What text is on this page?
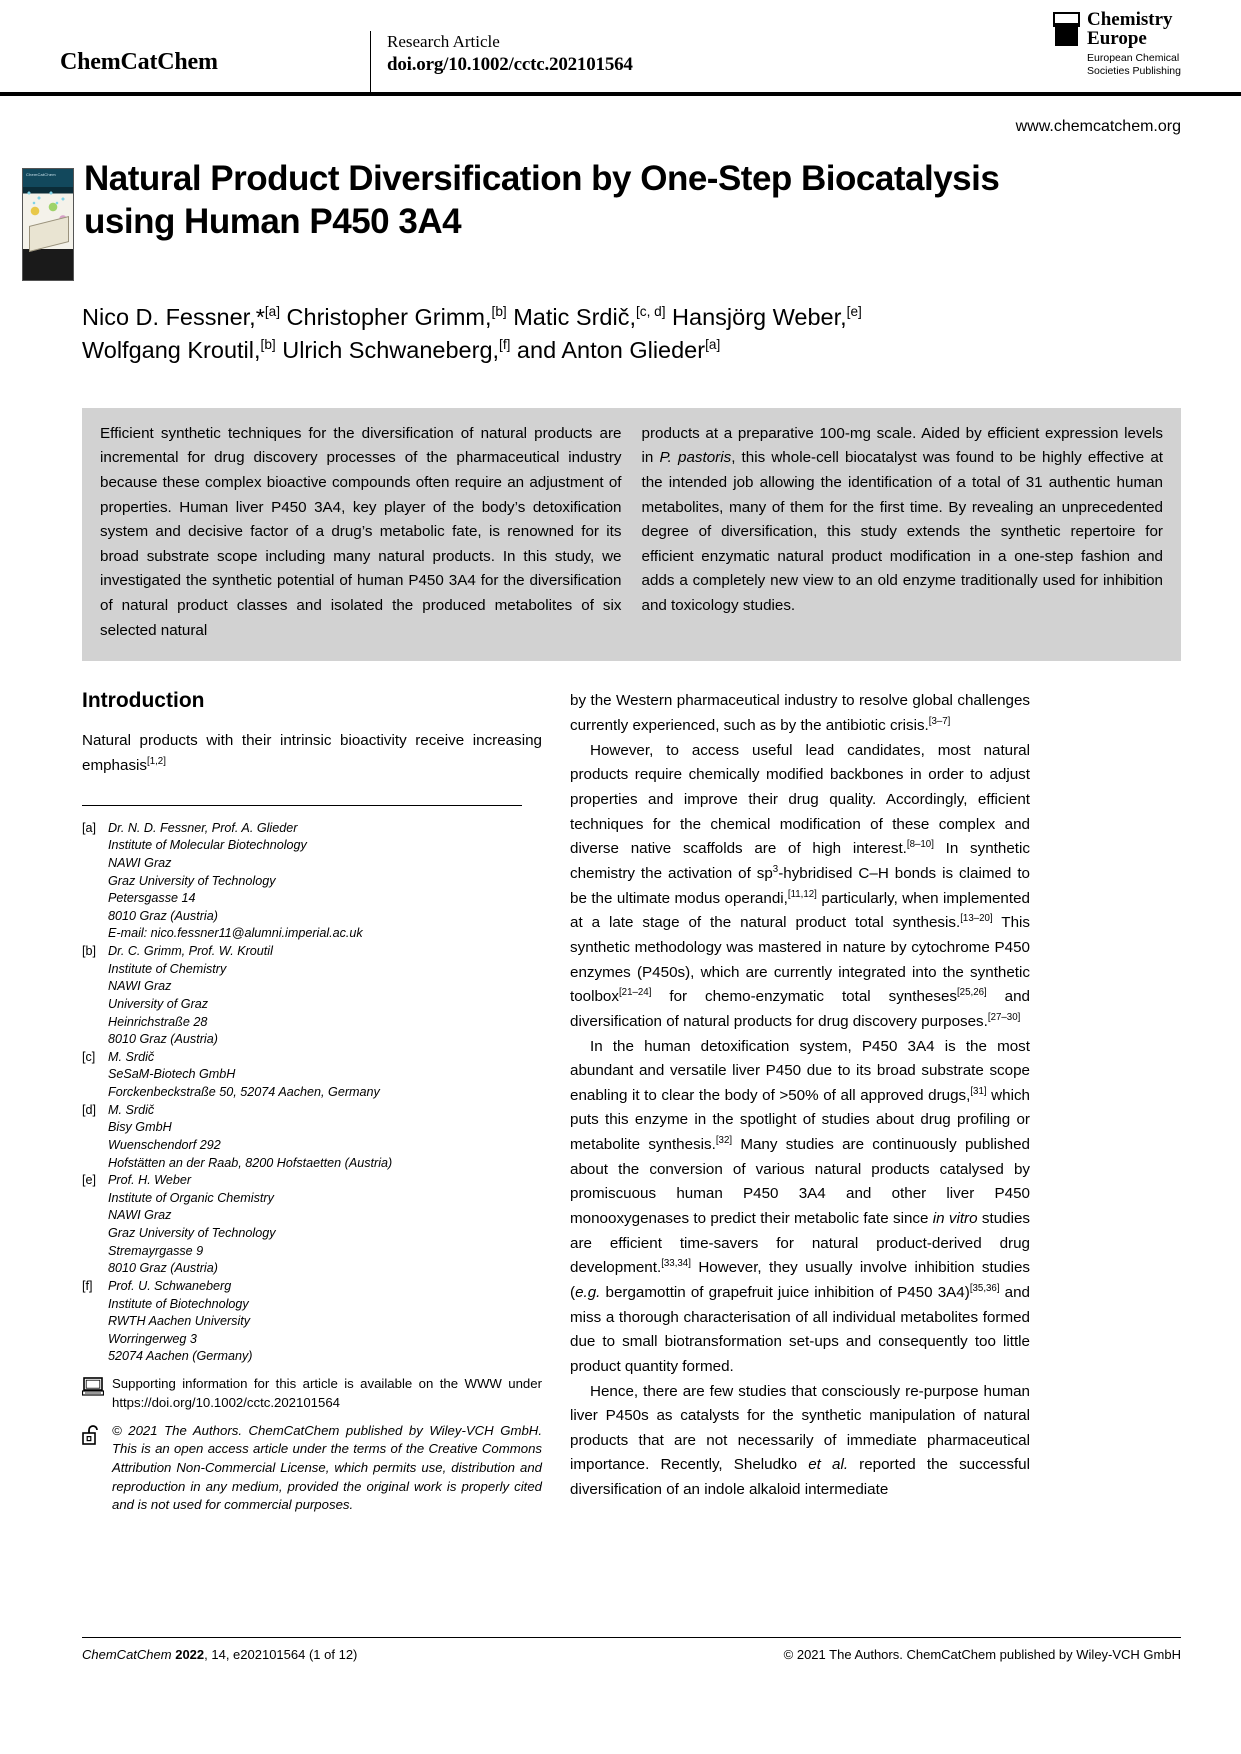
ChemCatChem
Research Article
doi.org/10.1002/cctc.202101564
Chemistry
Europe
European Chemical
Societies Publishing
www.chemcatchem.org
ChemCatChem Natural Product Diversification by One-Step Biocatalysis using Human P450 3A4
Nico D. Fessner,*[a] Christopher Grimm,[b] Matic Srdič,[c, d] Hansjörg Weber,[e]
Wolfgang Kroutil,[b] Ulrich Schwaneberg,[f] and Anton Glieder[a]
Efficient synthetic techniques for the diversification of natural products are incremental for drug discovery processes of the pharmaceutical industry because these complex bioactive compounds often require an adjustment of properties. Human liver P450 3A4, key player of the body’s detoxification system and decisive factor of a drug’s metabolic fate, is renowned for its broad substrate scope including many natural products. In this study, we investigated the synthetic potential of human P450 3A4 for the diversification of natural product classes and isolated the produced metabolites of six selected natural
products at a preparative 100-mg scale. Aided by efficient expression levels in P. pastoris, this whole-cell biocatalyst was found to be highly effective at the intended job allowing the identification of a total of 31 authentic human metabolites, many of them for the first time. By revealing an unprecedented degree of diversification, this study extends the synthetic repertoire for efficient enzymatic natural product modification in a one-step fashion and adds a completely new view to an old enzyme traditionally used for inhibition and toxicology studies.
Introduction

Natural products with their intrinsic bioactivity receive increasing emphasis[1,2]

[a] Dr. N. D. Fessner, Prof. A. Glieder
Institute of Molecular Biotechnology
NAWI Graz
Graz University of Technology
Petersgasse 14
8010 Graz (Austria)
E-mail: nico.fessner11@alumni.imperial.ac.uk
[b] Dr. C. Grimm, Prof. W. Kroutil
Institute of Chemistry
NAWI Graz
University of Graz
Heinrichstraße 28
8010 Graz (Austria)
[c]	M. Srdič
SeSaM-Biotech GmbH
Forckenbeckstraße 50, 52074 Aachen, Germany
[d] M. Srdič
Bisy GmbH
Wuenschendorf 292
Hofstätten an der Raab, 8200 Hofstaetten (Austria)
[e] Prof. H. Weber
Institute of Organic Chemistry
NAWI Graz
Graz University of Technology
Stremayrgasse 9
8010 Graz (Austria)
[f]	Prof. U. Schwaneberg
Institute of Biotechnology
RWTH Aachen University
Worringerweg 3
52074 Aachen (Germany)
Supporting information for this article is available on the WWW under https://doi.org/10.1002/cctc.202101564
© 2021 The Authors. ChemCatChem published by Wiley-VCH GmbH. This is an open access article under the terms of the Creative Commons Attribution Non-Commercial License, which permits use, distribution and reproduction in any medium, provided the original work is properly cited and is not used for commercial purposes.

by the Western pharmaceutical industry to resolve global challenges currently experienced, such as by the antibiotic crisis.[3–7]

However, to access useful lead candidates, most natural products require chemically modified backbones in order to adjust properties and improve their drug quality. Accordingly, efficient techniques for the chemical modification of these complex and diverse native scaffolds are of high interest.[8–10] In synthetic chemistry the activation of $sp^3$-hybridised C–H bonds is claimed to be the ultimate modus operandi,[11,12] particularly, when implemented at a late stage of the natural product total synthesis.[13–20] This synthetic methodology was mastered in nature by cytochrome P450 enzymes (P450s), which are currently integrated into the synthetic toolbox[21–24] for chemo-enzymatic total syntheses[25,26] and diversification of natural products for drug discovery purposes.[27–30]

In the human detoxification system, P450 3A4 is the most abundant and versatile liver P450 due to its broad substrate scope enabling it to clear the body of >50% of all approved drugs,[31] which puts this enzyme in the spotlight of studies about drug profiling or metabolite synthesis.[32] Many studies are continuously published about the conversion of various natural products catalysed by promiscuous human P450 3A4 and other liver P450 monooxygenases to predict their metabolic fate since in vitro studies are efficient time-savers for natural product-derived drug development.[33,34] However, they usually involve inhibition studies (e.g. bergamottin of grapefruit juice inhibition of P450 3A4)[35,36] and miss a thorough characterisation of all individual metabolites formed due to small biotransformation set-ups and consequently too little product quantity formed.

Hence, there are few studies that consciously re-purpose human liver P450s as catalysts for the synthetic manipulation of natural products that are not necessarily of immediate pharmaceutical importance. Recently, Sheludko et al. reported the successful diversification of an indole alkaloid intermediate

ChemCatChem 2022, 14, e202101564 (1 of 12)	© 2021 The Authors. ChemCatChem published by Wiley-VCH GmbH
